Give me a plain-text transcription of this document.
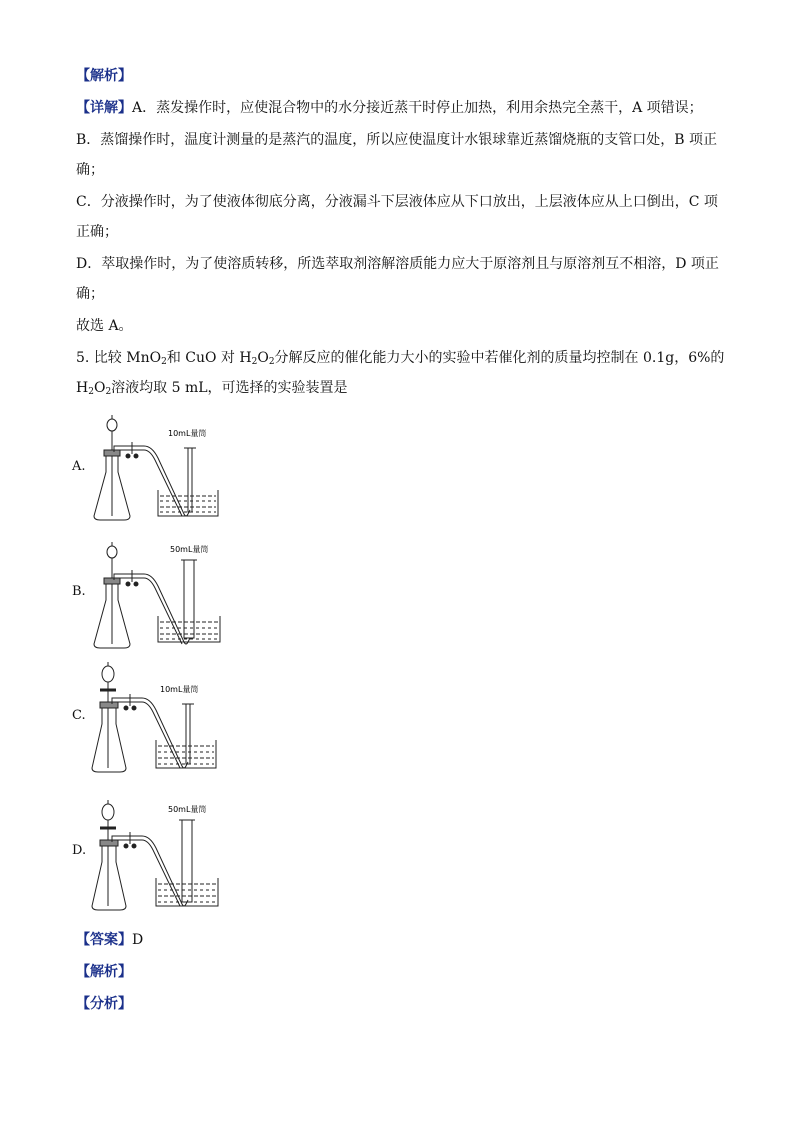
【解析】
【详解】A．蒸发操作时，应使混合物中的水分接近蒸干时停止加热，利用余热完全蒸干，A 项错误；
B．蒸馏操作时，温度计测量的是蒸汽的温度，所以应使温度计水银球靠近蒸馏烧瓶的支管口处，B 项正
确；
C．分液操作时，为了使液体彻底分离，分液漏斗下层液体应从下口放出，上层液体应从上口倒出，C 项
正确；
D．萃取操作时，为了使溶质转移，所选萃取剂溶解溶质能力应大于原溶剂且与原溶剂互不相溶，D 项正
确；
故选 A。
5. 比较 MnO$_2$和 CuO 对 $H_2O_2$分解反应的催化能力大小的实验中若催化剂的质量均控制在 0.1g，6%的
$H_2O_2$溶液均取 5 mL，可选择的实验装置是
A.
10mL量筒
B.
50mL量筒
C.
10mL量筒
D.
50mL量筒
【答案】D
【解析】
【分析】
